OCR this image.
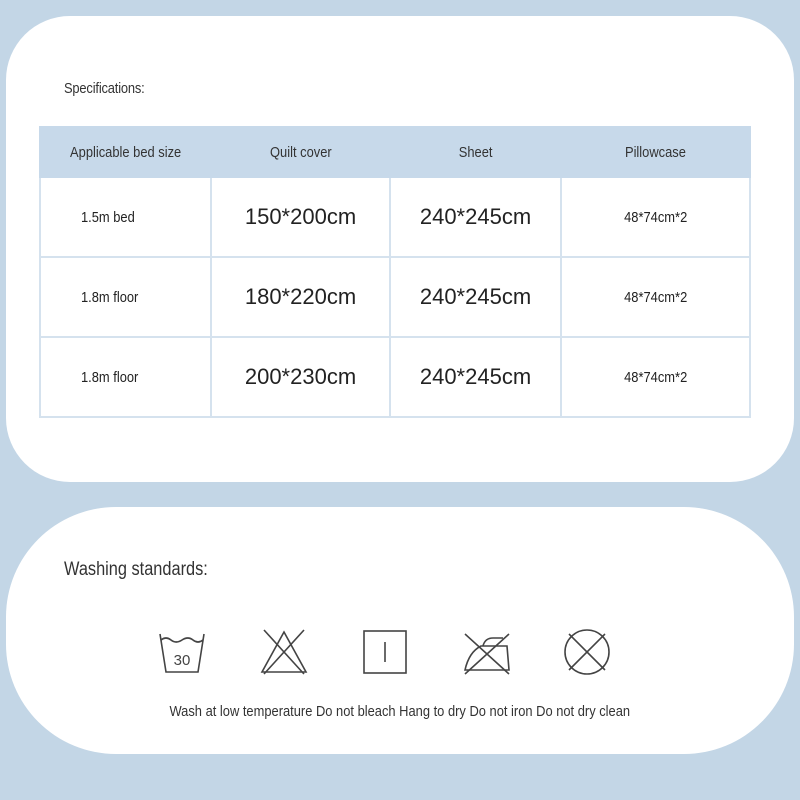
Specifications:
Applicable bed size	Quilt cover	Sheet	Pillowcase
1.5m bed	150*200cm	240*245cm	48*74cm*2
1.8m floor	180*220cm	240*245cm	48*74cm*2
1.8m floor	200*230cm	240*245cm	48*74cm*2
Washing standards:
30
Wash at low temperature Do not bleach Hang to dry Do not iron Do not dry clean
